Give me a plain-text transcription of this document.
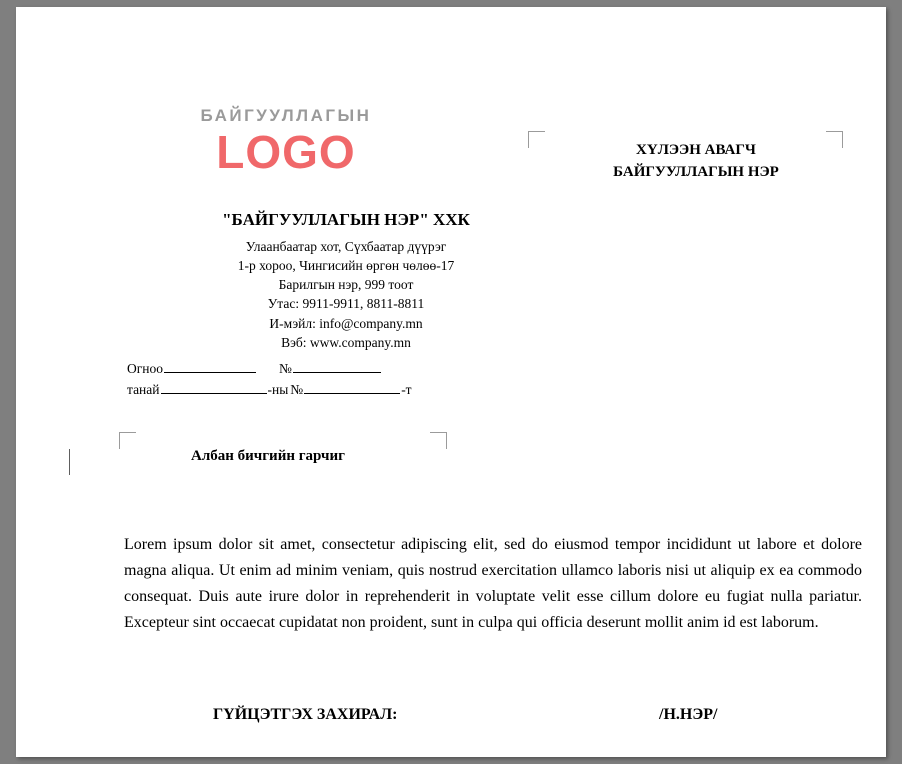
БАЙГУУЛЛАГЫН
LOGO	ХҮЛЭЭН АВАГЧ
БАЙГУУЛЛАГЫН НЭР
"БАЙГУУЛЛАГЫН НЭР" ХХК
Улаанбаатар хот, Сүхбаатар дүүрэг
1-р хороо, Чингисийн өргөн чөлөө-17
Барилгын нэр, 999 тоот
Утас: 9911-9911, 8811-8811
И-мэйл: info@company.mn
Вэб: www.company.mn
Огноо	№
танай	-ны №	-т
Албан бичгийн гарчиг
Lorem ipsum dolor sit amet, consectetur adipiscing elit, sed do eiusmod tempor incididunt ut labore et dolore magna aliqua. Ut enim ad minim veniam, quis nostrud exercitation ullamco laboris nisi ut aliquip ex ea commodo consequat. Duis aute irure dolor in reprehenderit in voluptate velit esse cillum dolore eu fugiat nulla pariatur. Excepteur sint occaecat cupidatat non proident, sunt in culpa qui officia deserunt mollit anim id est laborum.
ГҮЙЦЭТГЭХ ЗАХИРАЛ:	/Н.НЭР/
